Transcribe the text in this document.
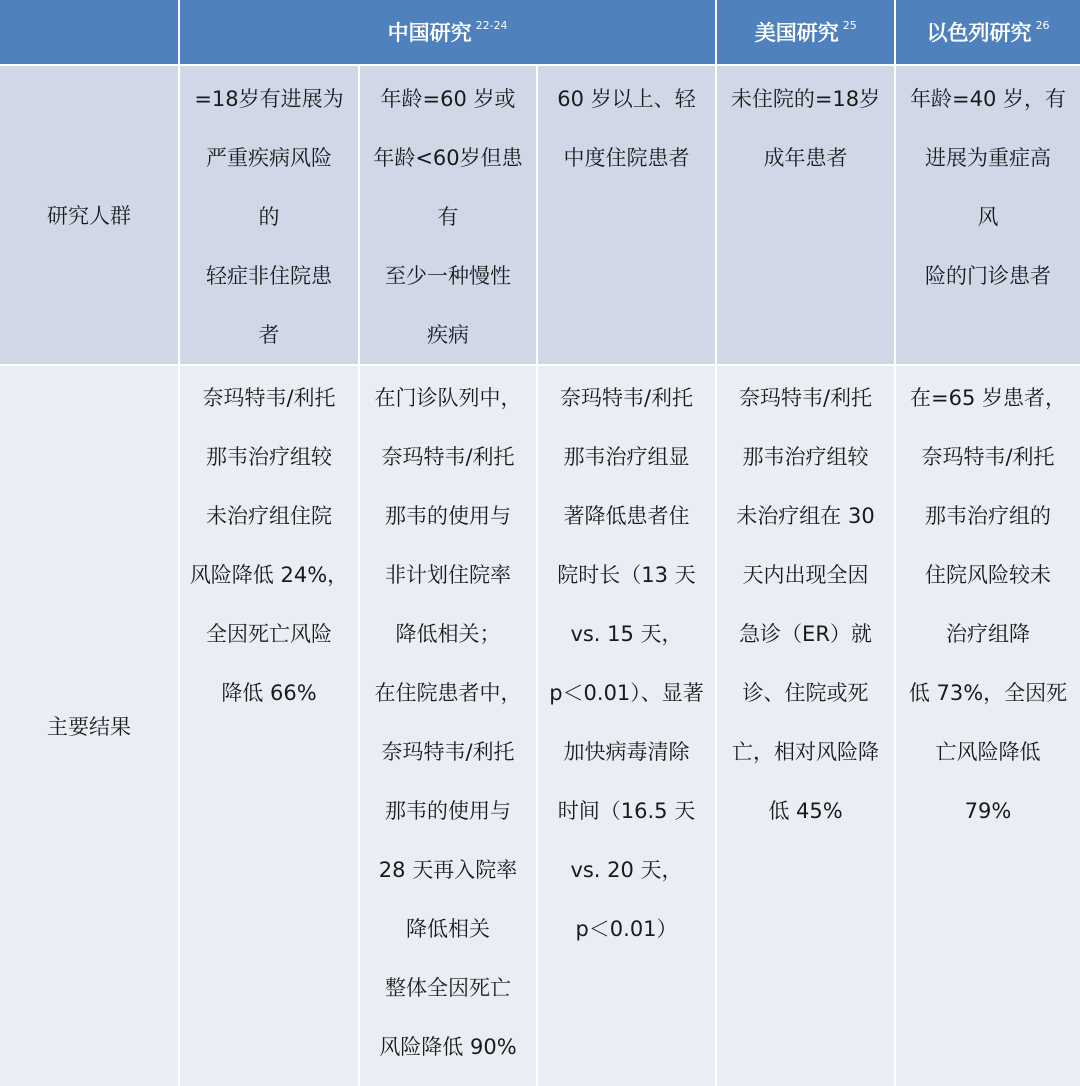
中国研究 $^{22-24}$	美国研究 $^{25}$	以色列研究 $^{26}$
研究人群
=18岁有进展为
严重疾病风险
的
轻症非住院患
者
年龄=60 岁或
年龄<60岁但患
有
至少一种慢性
疾病
60 岁以上、轻
中度住院患者
未住院的=18岁
成年患者
年龄=40 岁，有
进展为重症高
风
险的门诊患者
主要结果
奈玛特韦/利托
那韦治疗组较
未治疗组住院
风险降低 24%，
全因死亡风险
降低 66%
在门诊队列中，
奈玛特韦/利托
那韦的使用与
非计划住院率
降低相关；
在住院患者中，
奈玛特韦/利托
那韦的使用与
28 天再入院率
降低相关
整体全因死亡
风险降低 90%
奈玛特韦/利托
那韦治疗组显
著降低患者住
院时长（13 天
vs. 15 天，
p＜0.01）、显著
加快病毒清除
时间（16.5 天
vs. 20 天，
p＜0.01）
奈玛特韦/利托
那韦治疗组较
未治疗组在 30
天内出现全因
急诊（ER）就
诊、住院或死
亡，相对风险降
低 45%
在=65 岁患者，
奈玛特韦/利托
那韦治疗组的
住院风险较未
治疗组降
低 73%，全因死
亡风险降低
79%
